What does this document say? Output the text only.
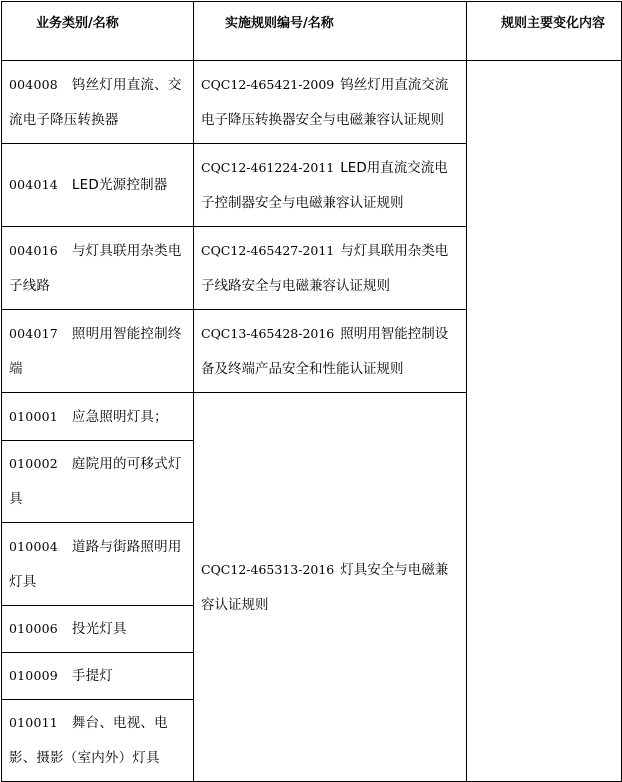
业务类别/名称	实施规则编号/名称	规则主要变化内容
004008 钨丝灯用直流、交流电子降压转换器	CQC12-465421-2009 钨丝灯用直流交流电子降压转换器安全与电磁兼容认证规则	
004014 LED光源控制器	CQC12-461224-2011 LED用直流交流电子控制器安全与电磁兼容认证规则	
004016 与灯具联用杂类电子线路	CQC12-465427-2011 与灯具联用杂类电子线路安全与电磁兼容认证规则	
004017 照明用智能控制终端	CQC13-465428-2016 照明用智能控制设备及终端产品安全和性能认证规则	
010001 应急照明灯具；	CQC12-465313-2016 灯具安全与电磁兼容认证规则	
010002 庭院用的可移式灯具		
010004 道路与街路照明用灯具		
010006 投光灯具		
010009 手提灯		
010011 舞台、电视、电影、摄影（室内外）灯具		
